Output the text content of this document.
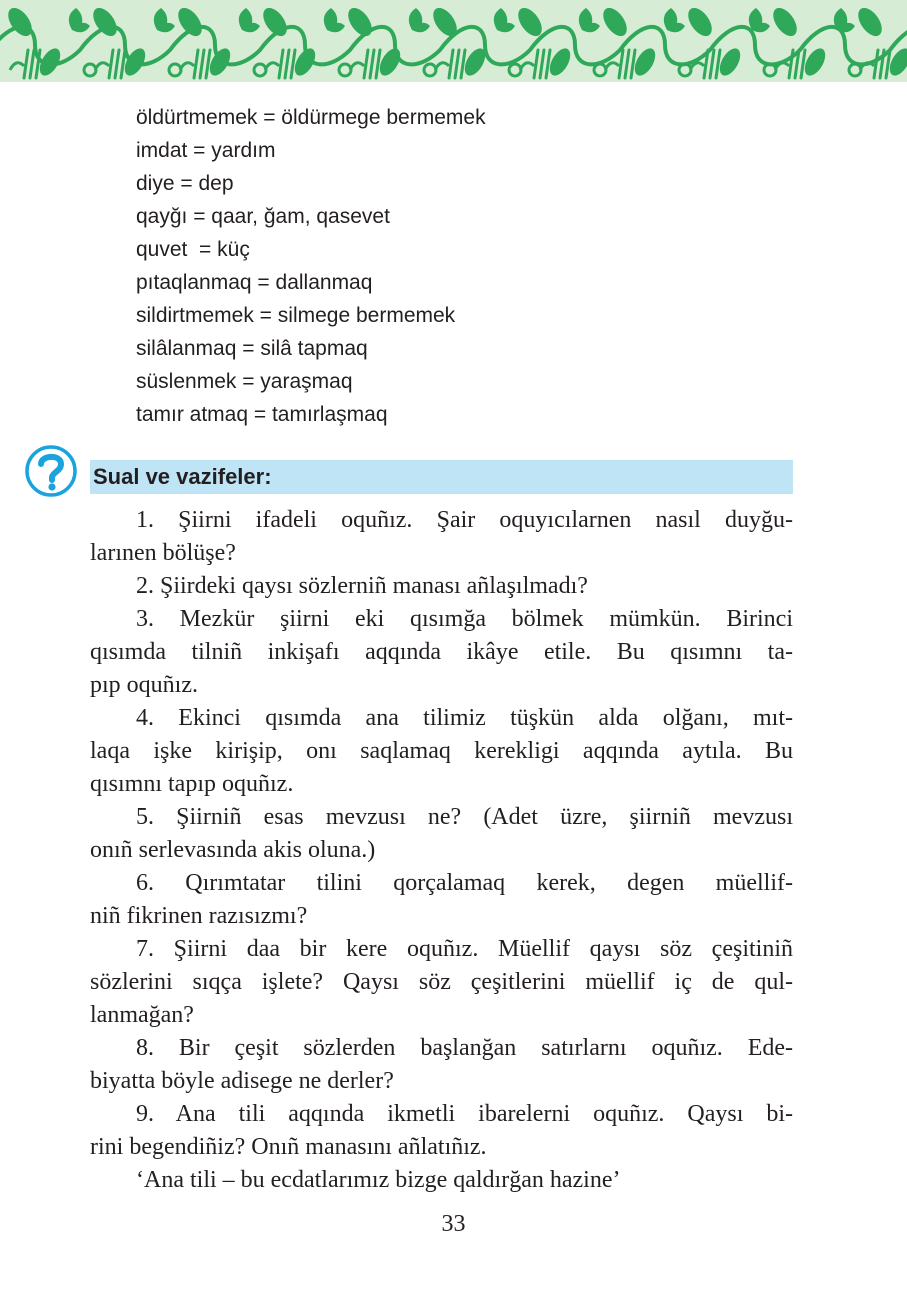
öldürtmemek = öldürmege bermemek
imdat = yardım
diye = dep
qayğı = qaar, ğam, qasevet
quvet  = küç
pıtaqlanmaq = dallanmaq
sildirtmemek = silmege bermemek
silâlanmaq = silâ tapmaq
süslenmek = yaraşmaq
tamır atmaq = tamırlaşmaq
Sual ve vazifeler:
1. Şiirni ifadeli oquñız. Şair oquyıcılarnen nasıl duyğu-
larınen bölüşe?
2. Şiirdeki qaysı sözlerniñ manası añlaşılmadı?
3. Mezkür şiirni eki qısımğa bölmek mümkün. Birinci
qısımda tilniñ inkişafı aqqında ikâye etile. Bu qısımnı ta-
pıp oquñız.
4. Ekinci qısımda ana tilimiz tüşkün alda olğanı, mıt-
laqa işke kirişip, onı saqlamaq kerekligi aqqında aytıla. Bu
qısımnı tapıp oquñız.
5. Şiirniñ esas mevzusı ne? (Adet üzre, şiirniñ mevzusı
onıñ serlevasında akis oluna.)
6. Qırımtatar tilini qorçalamaq kerek, degen müellif-
niñ fikrinen razısızmı?
7. Şiirni daa bir kere oquñız. Müellif qaysı söz çeşitiniñ
sözlerini sıqça işlete? Qaysı söz çeşitlerini müellif iç de qul-
lanmağan?
8. Bir çeşit sözlerden başlanğan satırlarnı oquñız. Ede-
biyatta böyle adisege ne derler?
9. Ana tili aqqında ikmetli ibarelerni oquñız. Qaysı bi-
rini begendiñiz? Onıñ manasını añlatıñız.
‘Ana tili – bu ecdatlarımız bizge qaldırğan hazine’
33
